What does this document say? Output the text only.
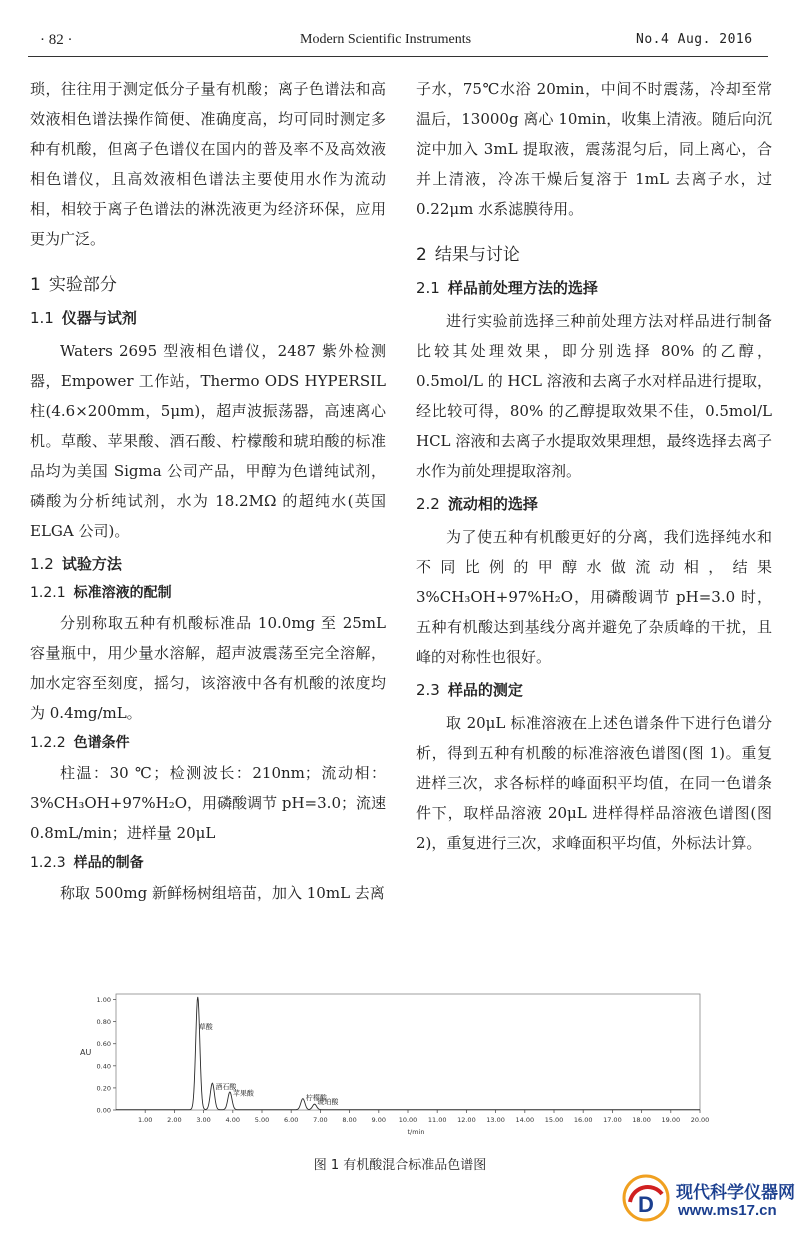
· 82 ·	Modern Scientific Instruments	No.4 Aug. 2016

琐，往往用于测定低分子量有机酸；离子色谱法和高效液相色谱法操作简便、准确度高，均可同时测定多种有机酸，但离子色谱仪在国内的普及率不及高效液相色谱仪，且高效液相色谱法主要使用水作为流动相，相较于离子色谱法的淋洗液更为经济环保，应用更为广泛。

1 实验部分
1.1 仪器与试剂

Waters 2695 型液相色谱仪，2487 紫外检测器，Empower 工作站，Thermo ODS HYPERSIL 柱(4.6×200mm，5μm)，超声波振荡器，高速离心机。草酸、苹果酸、酒石酸、柠檬酸和琥珀酸的标准品均为美国 Sigma 公司产品，甲醇为色谱纯试剂，磷酸为分析纯试剂，水为 18.2MΩ 的超纯水(英国 ELGA 公司)。

1.2 试验方法
1.2.1 标准溶液的配制

分别称取五种有机酸标准品 10.0mg 至 25mL 容量瓶中，用少量水溶解，超声波震荡至完全溶解，加水定容至刻度，摇匀，该溶液中各有机酸的浓度均为 0.4mg/mL。

1.2.2 色谱条件

柱温：30 ℃；检测波长：210nm；流动相：3%CH₃OH+97%H₂O，用磷酸调节 pH=3.0；流速 0.8mL/min；进样量 20μL

1.2.3 样品的制备

称取 500mg 新鲜杨树组培苗，加入 10mL 去离

子水，75℃水浴 20min，中间不时震荡，冷却至常温后，13000g 离心 10min，收集上清液。随后向沉淀中加入 3mL 提取液，震荡混匀后，同上离心，合并上清液，冷冻干燥后复溶于 1mL 去离子水，过 0.22μm 水系滤膜待用。

2 结果与讨论
2.1 样品前处理方法的选择

进行实验前选择三种前处理方法对样品进行制备比较其处理效果，即分别选择 80% 的乙醇，0.5mol/L 的 HCL 溶液和去离子水对样品进行提取，经比较可得，80% 的乙醇提取效果不佳，0.5mol/L HCL 溶液和去离子水提取效果理想，最终选择去离子水作为前处理提取溶剂。

2.2 流动相的选择

为了使五种有机酸更好的分离，我们选择纯水和不同比例的甲醇水做流动相，结果 3%CH₃OH+97%H₂O，用磷酸调节 pH=3.0 时，五种有机酸达到基线分离并避免了杂质峰的干扰，且峰的对称性也很好。

2.3 样品的测定

取 20μL 标准溶液在上述色谱条件下进行色谱分析，得到五种有机酸的标准溶液色谱图(图 1)。重复进样三次，求各标样的峰面积平均值，在同一色谱条件下，取样品溶液 20μL 进样得样品溶液色谱图(图 2)，重复进行三次，求峰面积平均值，外标法计算。

0.00
0.20
0.40
0.60
0.80
1.00
1.00 2.00 3.00 4.00 5.00 6.00 7.00 8.00 9.00 10.00 11.00 12.00 13.00 14.00 15.00 16.00 17.00 18.00 19.00 20.00
AU
t/min
草酸
酒石酸
苹果酸
柠檬酸
琥珀酸
图 1 有机酸混合标准品色谱图
D 现代科学仪器网
www.ms17.cn
